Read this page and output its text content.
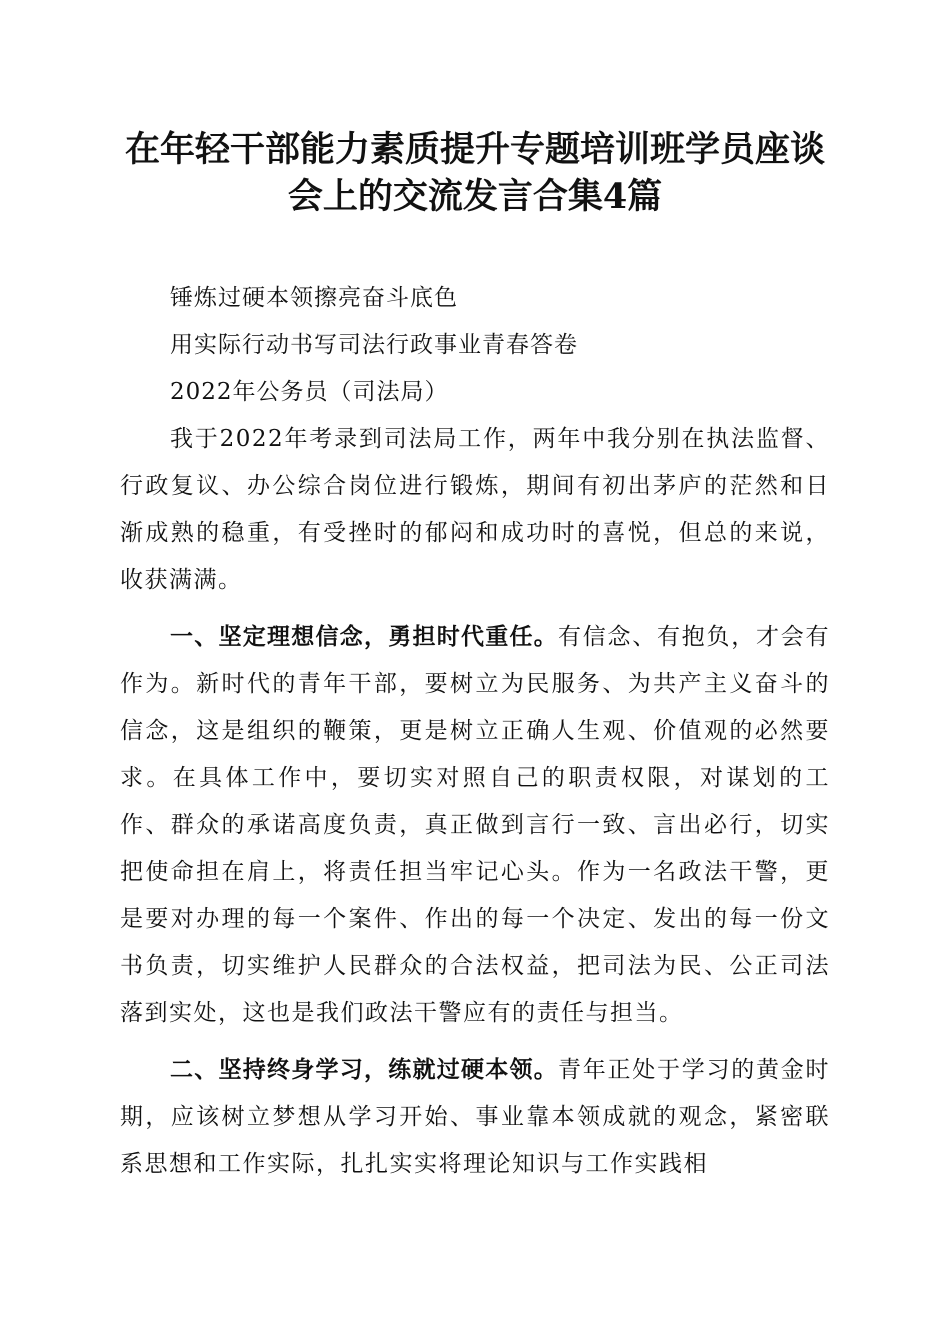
在年轻干部能力素质提升专题培训班学员座谈
会上的交流发言合集4篇
锤炼过硬本领擦亮奋斗底色
用实际行动书写司法行政事业青春答卷
2022年公务员（司法局）

我于2022年考录到司法局工作，两年中我分别在执法监督、行政复议、办公综合岗位进行锻炼，期间有初出茅庐的茫然和日渐成熟的稳重，有受挫时的郁闷和成功时的喜悦，但总的来说，收获满满。

一、坚定理想信念，勇担时代重任。有信念、有抱负，才会有作为。新时代的青年干部，要树立为民服务、为共产主义奋斗的信念，这是组织的鞭策，更是树立正确人生观、价值观的必然要求。在具体工作中，要切实对照自己的职责权限，对谋划的工作、群众的承诺高度负责，真正做到言行一致、言出必行，切实把使命担在肩上，将责任担当牢记心头。作为一名政法干警，更是要对办理的每一个案件、作出的每一个决定、发出的每一份文书负责，切实维护人民群众的合法权益，把司法为民、公正司法落到实处，这也是我们政法干警应有的责任与担当。

二、坚持终身学习，练就过硬本领。青年正处于学习的黄金时期，应该树立梦想从学习开始、事业靠本领成就的观念，紧密联系思想和工作实际，扎扎实实将理论知识与工作实践相
